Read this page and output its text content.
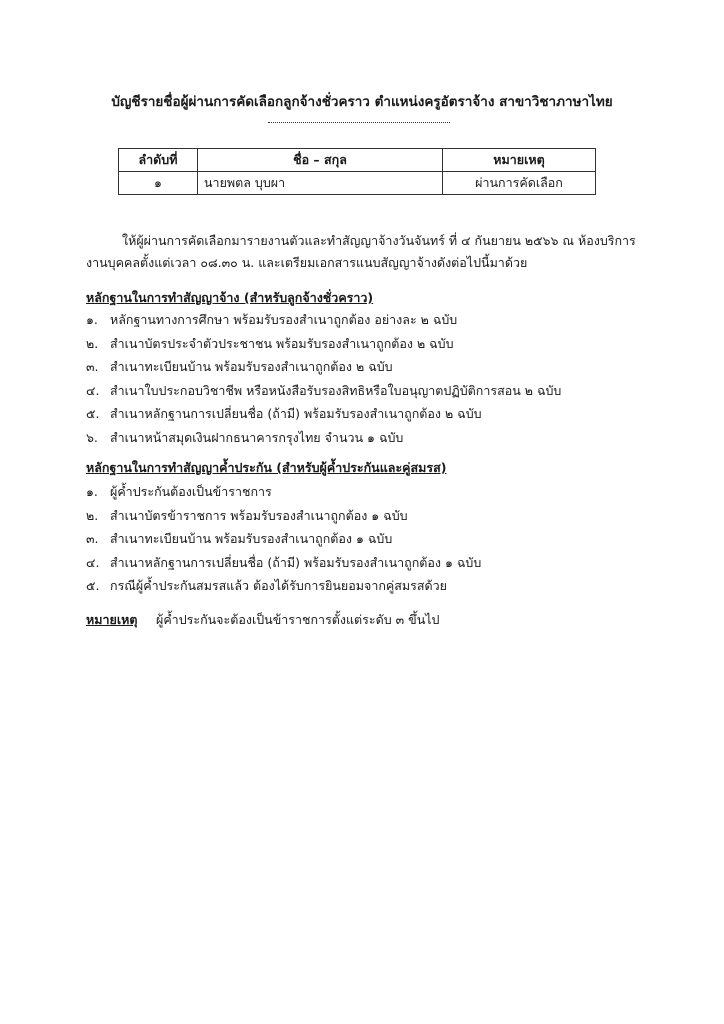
บัญชีรายชื่อผู้ผ่านการคัดเลือกลูกจ้างชั่วคราว ตำแหน่งครูอัตราจ้าง สาขาวิชาภาษาไทย
ลำดับที่	ชื่อ – สกุล	หมายเหตุ
๑	นายพตล บุบผา	ผ่านการคัดเลือก
ให้ผู้ผ่านการคัดเลือกมารายงานตัวและทำสัญญาจ้างวันจันทร์ ที่ ๔ กันยายน ๒๕๖๖ ณ ห้องบริการ
งานบุคคลตั้งแต่เวลา ๐๘.๓๐ น. และเตรียมเอกสารแนบสัญญาจ้างดังต่อไปนี้มาด้วย
หลักฐานในการทำสัญญาจ้าง (สำหรับลูกจ้างชั่วคราว)
๑. หลักฐานทางการศึกษา พร้อมรับรองสำเนาถูกต้อง อย่างละ ๒ ฉบับ
๒. สำเนาบัตรประจำตัวประชาชน พร้อมรับรองสำเนาถูกต้อง ๒ ฉบับ
๓. สำเนาทะเบียนบ้าน พร้อมรับรองสำเนาถูกต้อง ๒ ฉบับ
๔. สำเนาใบประกอบวิชาชีพ หรือหนังสือรับรองสิทธิหรือใบอนุญาตปฏิบัติการสอน ๒ ฉบับ
๕. สำเนาหลักฐานการเปลี่ยนชื่อ (ถ้ามี) พร้อมรับรองสำเนาถูกต้อง ๒ ฉบับ
๖. สำเนาหน้าสมุดเงินฝากธนาคารกรุงไทย จำนวน ๑ ฉบับ
หลักฐานในการทำสัญญาค้ำประกัน (สำหรับผู้ค้ำประกันและคู่สมรส)
๑. ผู้ค้ำประกันต้องเป็นข้าราชการ
๒. สำเนาบัตรข้าราชการ พร้อมรับรองสำเนาถูกต้อง ๑ ฉบับ
๓. สำเนาทะเบียนบ้าน พร้อมรับรองสำเนาถูกต้อง ๑ ฉบับ
๔. สำเนาหลักฐานการเปลี่ยนชื่อ (ถ้ามี) พร้อมรับรองสำเนาถูกต้อง ๑ ฉบับ
๕. กรณีผู้ค้ำประกันสมรสแล้ว ต้องได้รับการยินยอมจากคู่สมรสด้วย
หมายเหตุ	ผู้ค้ำประกันจะต้องเป็นข้าราชการตั้งแต่ระดับ ๓ ขึ้นไป
